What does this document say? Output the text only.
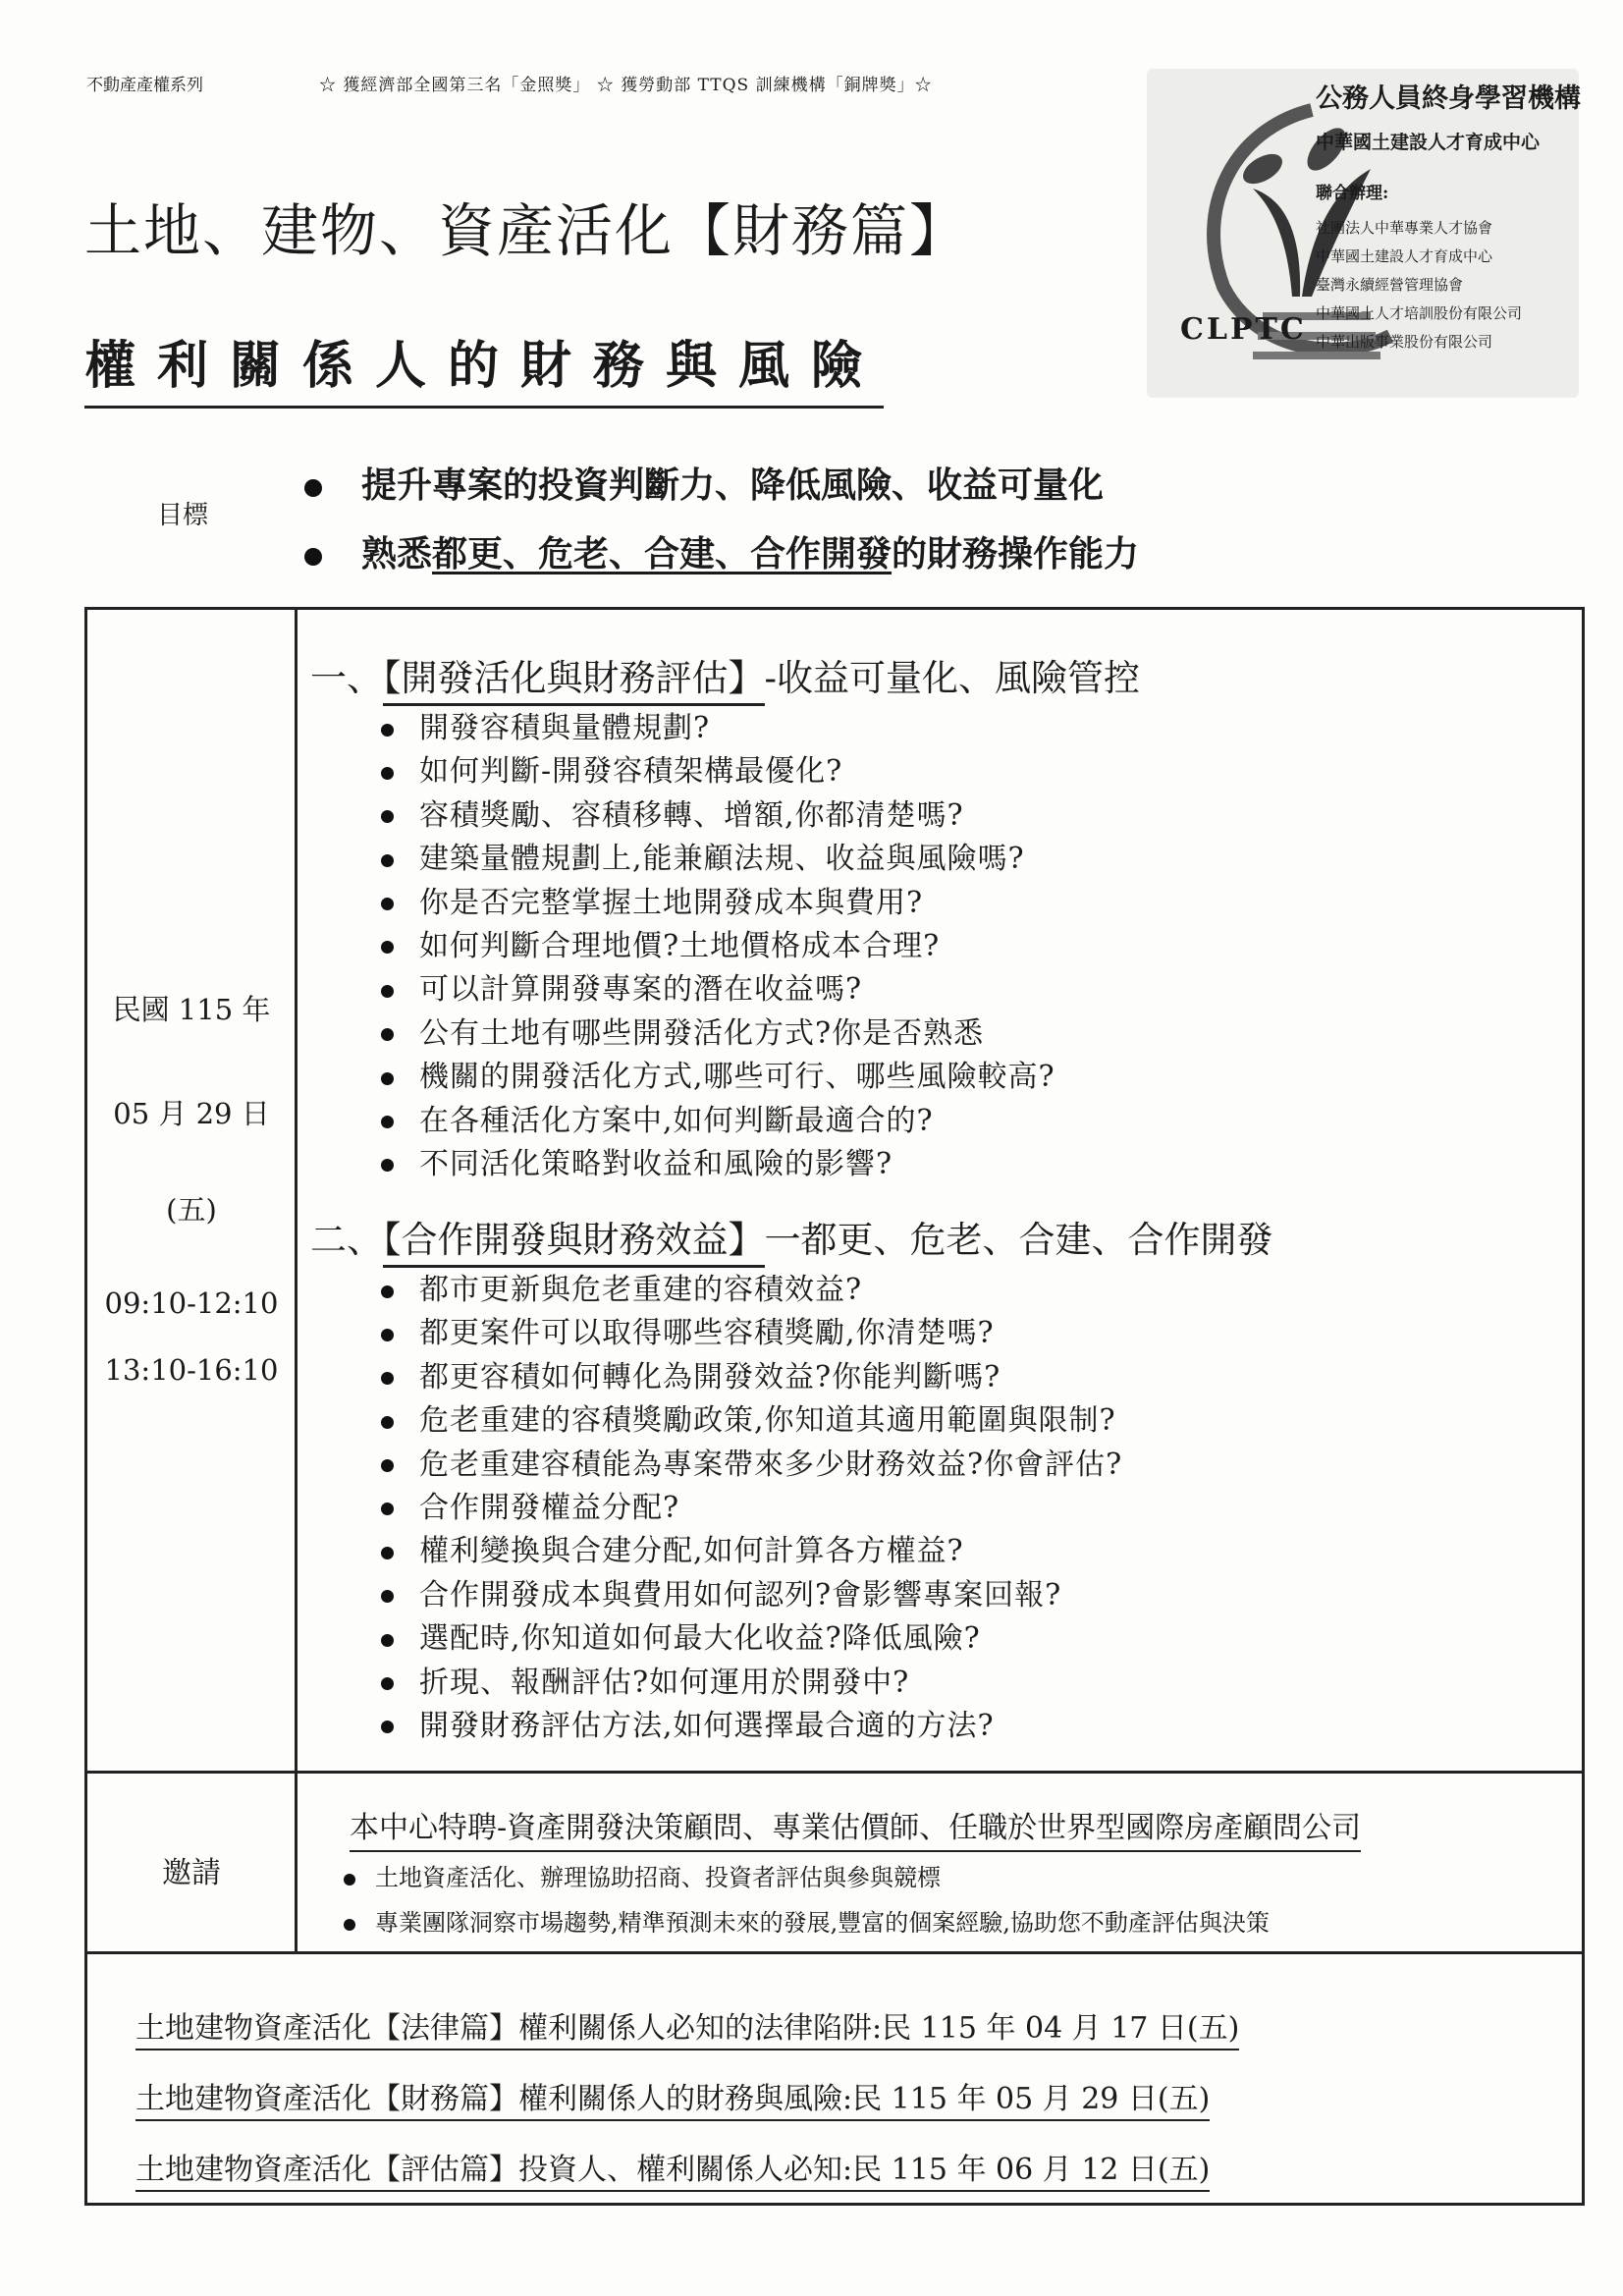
不動產產權系列	☆ 獲經濟部全國第三名「金照獎」 ☆ 獲勞動部 TTQS 訓練機構「銅牌獎」☆
土地、建物、資產活化【財務篇】
權利關係人的財務與風險
公務人員終身學習機構
中華國土建設人才育成中心
聯合辦理:
社團法人中華專業人才協會
中華國土建設人才育成中心
臺灣永續經營管理協會
中華國土人才培訓股份有限公司
中華出版事業股份有限公司
CLPTC
目標
提升專案的投資判斷力、降低風險、收益可量化
熟悉都更、危老、合建、合作開發的財務操作能力
民國 115 年
05 月 29 日
(五)
09:10-12:10
13:10-16:10
一、【開發活化與財務評估】-收益可量化、風險管控
開發容積與量體規劃?
如何判斷-開發容積架構最優化?
容積獎勵、容積移轉、增額,你都清楚嗎?
建築量體規劃上,能兼顧法規、收益與風險嗎?
你是否完整掌握土地開發成本與費用?
如何判斷合理地價?土地價格成本合理?
可以計算開發專案的潛在收益嗎?
公有土地有哪些開發活化方式?你是否熟悉
機關的開發活化方式,哪些可行、哪些風險較高?
在各種活化方案中,如何判斷最適合的?
不同活化策略對收益和風險的影響?
二、【合作開發與財務效益】一都更、危老、合建、合作開發
都市更新與危老重建的容積效益?
都更案件可以取得哪些容積獎勵,你清楚嗎?
都更容積如何轉化為開發效益?你能判斷嗎?
危老重建的容積獎勵政策,你知道其適用範圍與限制?
危老重建容積能為專案帶來多少財務效益?你會評估?
合作開發權益分配?
權利變換與合建分配,如何計算各方權益?
合作開發成本與費用如何認列?會影響專案回報?
選配時,你知道如何最大化收益?降低風險?
折現、報酬評估?如何運用於開發中?
開發財務評估方法,如何選擇最合適的方法?
邀請
本中心特聘-資產開發決策顧問、專業估價師、任職於世界型國際房產顧問公司
土地資產活化、辦理協助招商、投資者評估與參與競標
專業團隊洞察市場趨勢,精準預測未來的發展,豐富的個案經驗,協助您不動產評估與決策
土地建物資產活化【法律篇】權利關係人必知的法律陷阱:民 115 年 04 月 17 日(五)
土地建物資產活化【財務篇】權利關係人的財務與風險:民 115 年 05 月 29 日(五)
土地建物資產活化【評估篇】投資人、權利關係人必知:民 115 年 06 月 12 日(五)
